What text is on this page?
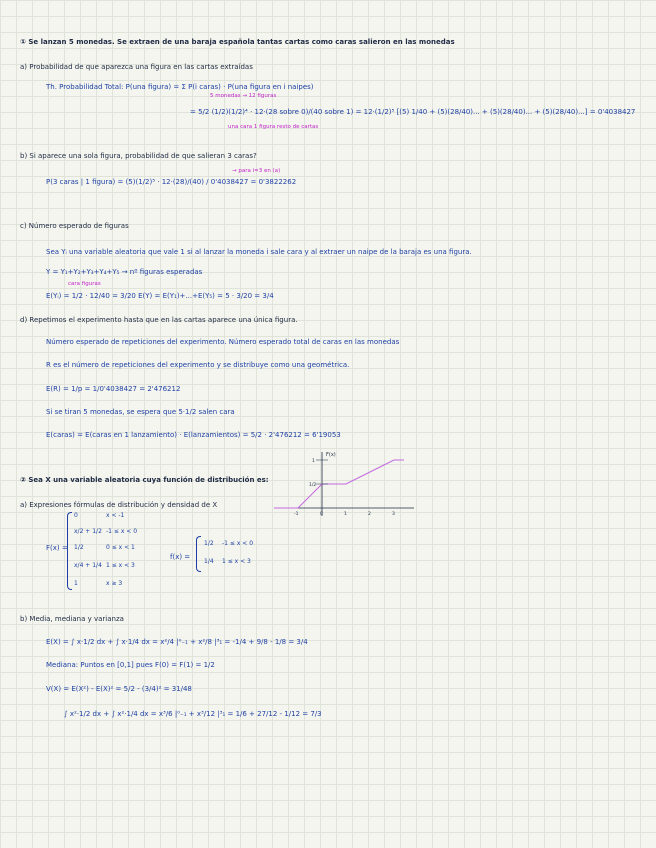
① Se lanzan 5 monedas. Se extraen de una baraja española tantas cartas como caras salieron en las monedas
a) Probabilidad de que aparezca una figura en las cartas extraídas
Th. Probabilidad Total: P(una figura) = Σ P(i caras) · P(una figura en i naipes)
5 monedas → 12 figuras
= 5/2 (1/2)(1/2)⁴ · 12·(28 sobre 0)/(40 sobre 1) = 12·(1/2)⁵ [(5) 1/40 + (5)(28/40)... + (5)(28/40)... + (5)(28/40)...] = 0'4038427
una cara 1 figura resto de cartas
b) Si aparece una sola figura, probabilidad de que salieran 3 caras?
→ para i=3 en (a)
P(3 caras | 1 figura) = (5)(1/2)⁵ · 12·(28)/(40) / 0'4038427 = 0'3822262
c) Número esperado de figuras
Sea Yᵢ una variable aleatoria que vale 1 si al lanzar la moneda i sale cara y al extraer un naipe de la baraja es una figura.
Y = Y₁+Y₂+Y₃+Y₄+Y₅ → nº figuras esperadas
cara figuras
E(Yᵢ) = 1/2 · 12/40 = 3/20 E(Y) = E(Y₁)+...+E(Y₅) = 5 · 3/20 = 3/4
d) Repetimos el experimento hasta que en las cartas aparece una única figura.
Número esperado de repeticiones del experimento. Número esperado total de caras en las monedas
R es el número de repeticiones del experimento y se distribuye como una geométrica.
E(R) = 1/p = 1/0'4038427 = 2'476212
Si se tiran 5 monedas, se espera que 5·1/2 salen cara
E(caras) = E(caras en 1 lanzamiento) · E(lanzamientos) = 5/2 · 2'476212 = 6'19053
② Sea X una variable aleatoria cuya función de distribución es:
F(x)
1
1/2
-1	0	1	2	3
a) Expresiones fórmulas de distribución y densidad de X
F(x) =
0	x < -1
x/2 + 1/2 -1 ≤ x < 0
1/2	0 ≤ x < 1
x/4 + 1/4 1 ≤ x < 3
1	x ≥ 3
f(x) =
1/2 -1 ≤ x < 0
1/4 1 ≤ x < 3
b) Media, mediana y varianza
E(X) = ∫ x·1/2 dx + ∫ x·1/4 dx = x²/4 |⁰₋₁ + x²/8 |³₁ = -1/4 + 9/8 - 1/8 = 3/4
Mediana: Puntos en [0,1] pues F(0) = F(1) = 1/2
V(X) = E(X²) - E(X)² = 5/2 - (3/4)² = 31/48
∫ x²·1/2 dx + ∫ x²·1/4 dx = x³/6 |⁰₋₁ + x³/12 |³₁ = 1/6 + 27/12 - 1/12 = 7/3
